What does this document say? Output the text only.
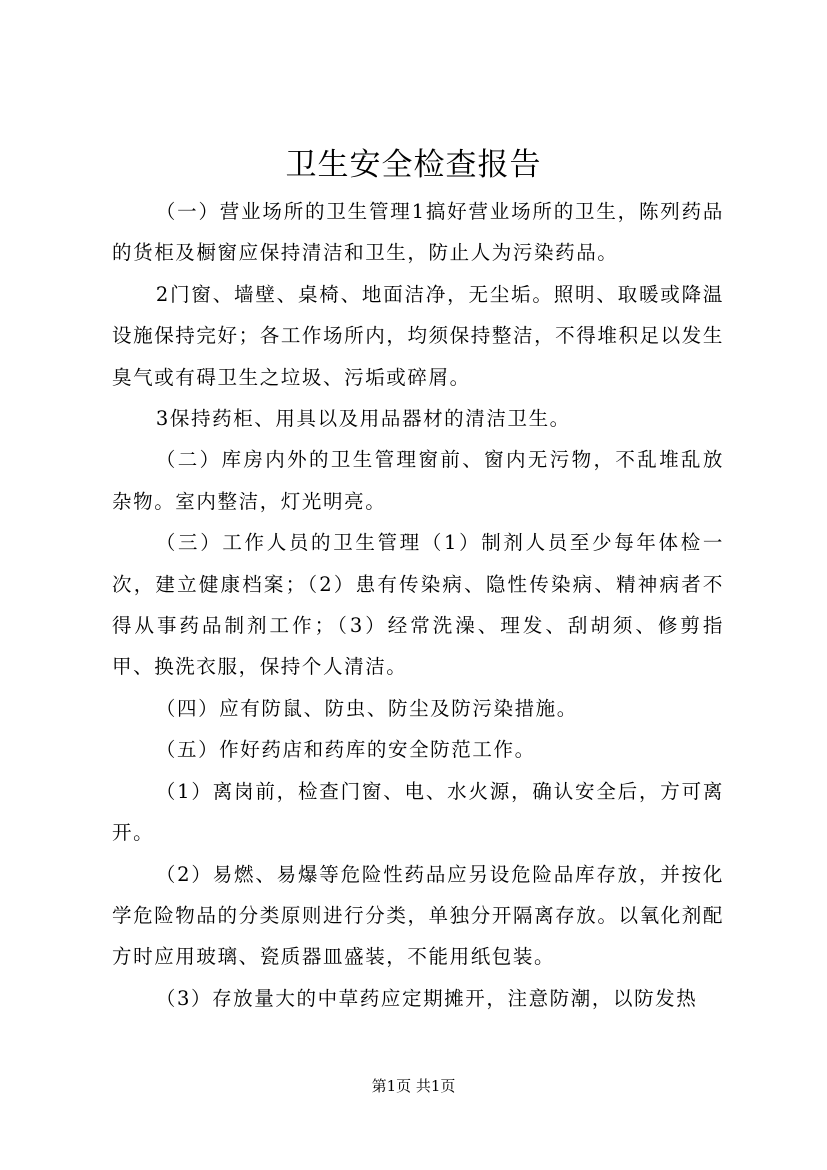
卫生安全检查报告

（一）营业场所的卫生管理1搞好营业场所的卫生，陈列药品的货柜及橱窗应保持清洁和卫生，防止人为污染药品。

2门窗、墙壁、桌椅、地面洁净，无尘垢。照明、取暖或降温设施保持完好；各工作场所内，均须保持整洁，不得堆积足以发生臭气或有碍卫生之垃圾、污垢或碎屑。

3保持药柜、用具以及用品器材的清洁卫生。

（二）库房内外的卫生管理窗前、窗内无污物，不乱堆乱放杂物。室内整洁，灯光明亮。

（三）工作人员的卫生管理（1）制剂人员至少每年体检一次，建立健康档案；（2）患有传染病、隐性传染病、精神病者不得从事药品制剂工作；（3）经常洗澡、理发、刮胡须、修剪指甲、换洗衣服，保持个人清洁。

（四）应有防鼠、防虫、防尘及防污染措施。

（五）作好药店和药库的安全防范工作。

（1）离岗前，检查门窗、电、水火源，确认安全后，方可离开。

（2）易燃、易爆等危险性药品应另设危险品库存放，并按化学危险物品的分类原则进行分类，单独分开隔离存放。以氧化剂配方时应用玻璃、瓷质器皿盛装，不能用纸包装。

（3）存放量大的中草药应定期摊开，注意防潮，以防发热

第1页 共1页
